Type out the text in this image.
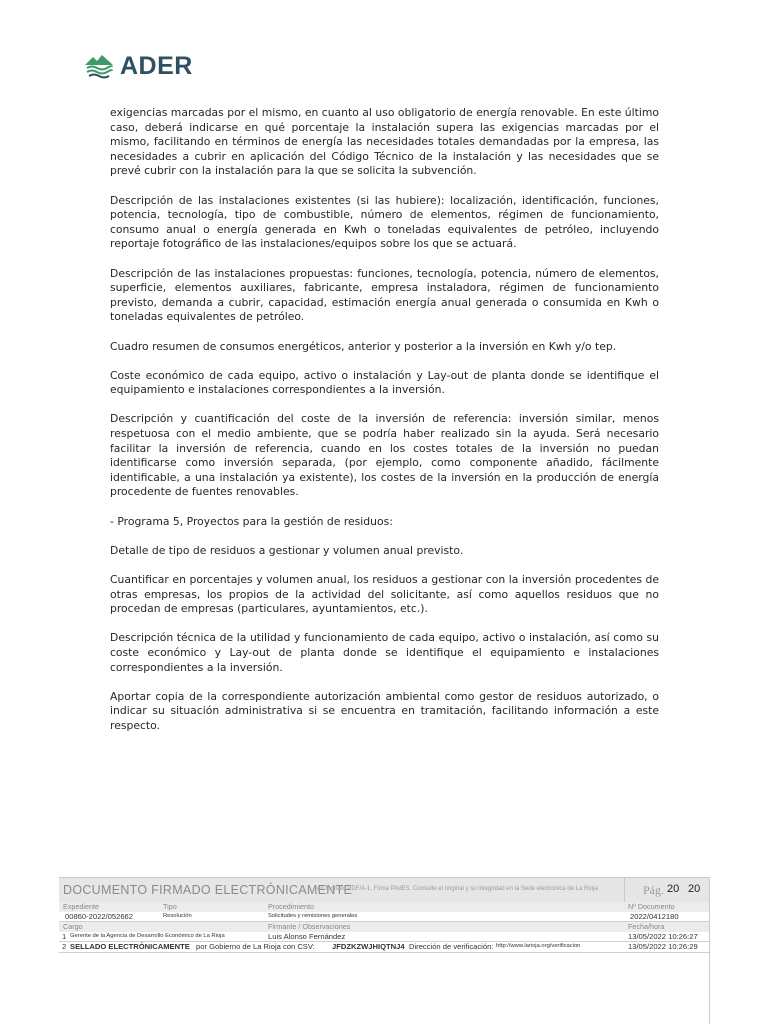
ADER

exigencias marcadas por el mismo, en cuanto al uso obligatorio de energía renovable. En este último caso, deberá indicarse en qué porcentaje la instalación supera las exigencias marcadas por el mismo, facilitando en términos de energía las necesidades totales demandadas por la empresa, las necesidades a cubrir en aplicación del Código Técnico de la instalación y las necesidades que se prevé cubrir con la instalación para la que se solicita la subvención.

Descripción de las instalaciones existentes (si las hubiere): localización, identificación, funciones, potencia, tecnología, tipo de combustible, número de elementos, régimen de funcionamiento, consumo anual o energía generada en Kwh o toneladas equivalentes de petróleo, incluyendo reportaje fotográfico de las instalaciones/equipos sobre los que se actuará.

Descripción de las instalaciones propuestas: funciones, tecnología, potencia, número de elementos, superficie, elementos auxiliares, fabricante, empresa instaladora, régimen de funcionamiento previsto, demanda a cubrir, capacidad, estimación energía anual generada o consumida en Kwh o toneladas equivalentes de petróleo.

Cuadro resumen de consumos energéticos, anterior y posterior a la inversión en Kwh y/o tep.

Coste económico de cada equipo, activo o instalación y Lay-out de planta donde se identifique el equipamiento e instalaciones correspondientes a la inversión.

Descripción y cuantificación del coste de la inversión de referencia: inversión similar, menos respetuosa con el medio ambiente, que se podría haber realizado sin la ayuda. Será necesario facilitar la inversión de referencia, cuando en los costes totales de la inversión no puedan identificarse como inversión separada, (por ejemplo, como componente añadido, fácilmente identificable, a una instalación ya existente), los costes de la inversión en la producción de energía procedente de fuentes renovables.

- Programa 5, Proyectos para la gestión de residuos:

Detalle de tipo de residuos a gestionar y volumen anual previsto.

Cuantificar en porcentajes y volumen anual, los residuos a gestionar con la inversión procedentes de otras empresas, los propios de la actividad del solicitante, así como aquellos residuos que no procedan de empresas (particulares, ayuntamientos, etc.).

Descripción técnica de la utilidad y funcionamiento de cada equipo, activo o instalación, así como su coste económico y Lay-out de planta donde se identifique el equipamiento e instalaciones correspondientes a la inversión.

Aportar copia de la correspondiente autorización ambiental como gestor de residuos autorizado, o indicar su situación administrativa si se encuentra en tramitación, facilitando información a este respecto.

DOCUMENTO FIRMADO ELECTRÓNICAMENTE
en formato PDF/A-1, Firma PAdES. Consulte el original y su integridad en la Sede electrónica de La Rioja	Pág. 20 20
Expediente	Tipo	Procedimiento	Nº Documento
00860-2022/052662	Resolución	Solicitudes y remisiones generales	2022/0412180
Cargo	Firmante / Observaciones	Fecha/hora
1 Gerente de la Agencia de Desarrollo Económico de La Rioja	Luis Alonso Fernández	13/05/2022 10:26:27
2 SELLADO ELECTRÓNICAMENTE por Gobierno de La Rioja con CSV: JFDZKZWJHIQTNJ4 Dirección de verificación: http://www.larioja.org/verificacion	13/05/2022 10:26:29
